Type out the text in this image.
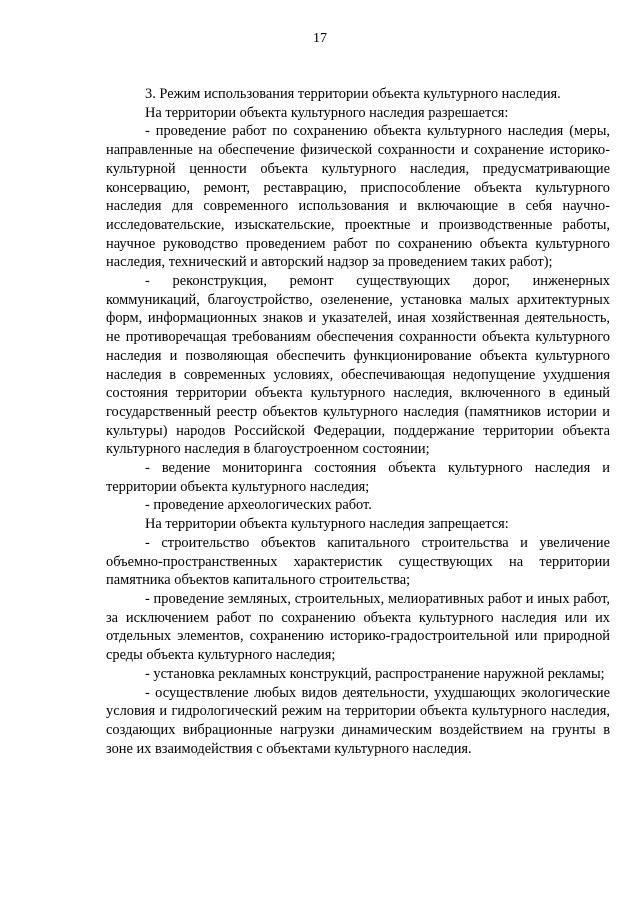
17

3. Режим использования территории объекта культурного наследия.

На территории объекта культурного наследия разрешается:

- проведение работ по сохранению объекта культурного наследия (меры, направленные на обеспечение физической сохранности и сохранение историко-культурной ценности объекта культурного наследия, предусматривающие консервацию, ремонт, реставрацию, приспособление объекта культурного наследия для современного использования и включающие в себя научно-исследовательские, изыскательские, проектные и производственные работы, научное руководство проведением работ по сохранению объекта культурного наследия, технический и авторский надзор за проведением таких работ);

- реконструкция, ремонт существующих дорог, инженерных коммуникаций, благоустройство, озеленение, установка малых архитектурных форм, информационных знаков и указателей, иная хозяйственная деятельность, не противоречащая требованиям обеспечения сохранности объекта культурного наследия и позволяющая обеспечить функционирование объекта культурного наследия в современных условиях, обеспечивающая недопущение ухудшения состояния территории объекта культурного наследия, включенного в единый государственный реестр объектов культурного наследия (памятников истории и культуры) народов Российской Федерации, поддержание территории объекта культурного наследия в благоустроенном состоянии;

- ведение мониторинга состояния объекта культурного наследия и территории объекта культурного наследия;

- проведение археологических работ.

На территории объекта культурного наследия запрещается:

- строительство объектов капитального строительства и увеличение объемно-пространственных характеристик существующих на территории памятника объектов капитального строительства;

- проведение земляных, строительных, мелиоративных работ и иных работ, за исключением работ по сохранению объекта культурного наследия или их отдельных элементов, сохранению историко-градостроительной или природной среды объекта культурного наследия;

- установка рекламных конструкций, распространение наружной рекламы;

- осуществление любых видов деятельности, ухудшающих экологические условия и гидрологический режим на территории объекта культурного наследия, создающих вибрационные нагрузки динамическим воздействием на грунты в зоне их взаимодействия с объектами культурного наследия.
